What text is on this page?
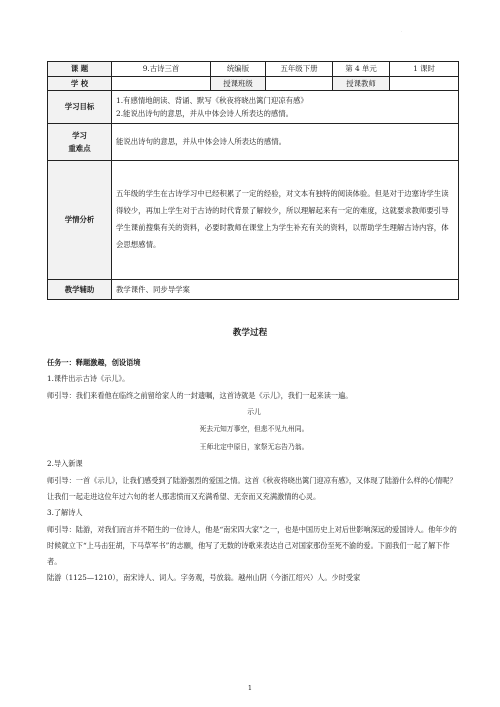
·
课 题	9.古诗三首	统编版	五年级下册	第 4 单元	1 课时
学 校		授课班级		授课教师	
学习目标	1.有感情地朗读、背诵、默写《秋夜将晓出篱门迎凉有感》
2.能说出诗句的意思，并从中体会诗人所表达的感情。				

学习
重难点	能说出诗句的意思，并从中体会诗人所表达的感情。				
学情分析	五年级的学生在古诗学习中已经积累了一定的经验，对文本有独特的阅读体验。但是对于边塞诗学生读得较少，再加上学生对于古诗的时代背景了解较少，所以理解起来有一定的难度，这就要求教师要引导学生课前搜集有关的资料，必要时教师在课堂上为学生补充有关的资料，以帮助学生理解古诗内容，体会思想感情。				
教学辅助	教学课件、同步导学案				
教学过程

任务一：释题激趣，创设语境

1.课件出示古诗《示儿》。

师引导：我们来看他在临终之前留给家人的一封遗嘱，这首诗就是《示儿》，我们一起来读一遍。

示儿

死去元知万事空，但悲不见九州同。

王师北定中原日，家祭无忘告乃翁。

2.导入新课

师引导：一首《示儿》，让我们感受到了陆游强烈的爱国之情。这首《秋夜将晓出篱门迎凉有感》，又体现了陆游什么样的心情呢？让我们一起走进这位年过六旬的老人那悲愤而又充满希望、无奈而又充满激情的心灵。

3.了解诗人

师引导：陆游，对我们而言并不陌生的一位诗人，他是“南宋四大家”之一，也是中国历史上对后世影响深远的爱国诗人。他年少的时候就立下“上马击狂胡，下马草军书”的志願，他写了无数的诗歌来表达自己对国家那份至死不渝的爱。下面我们一起了解下作者。

陆游（1125—1210），南宋诗人、词人。字务观，号放翁。越州山阴（今浙江绍兴）人。少时受家

1
